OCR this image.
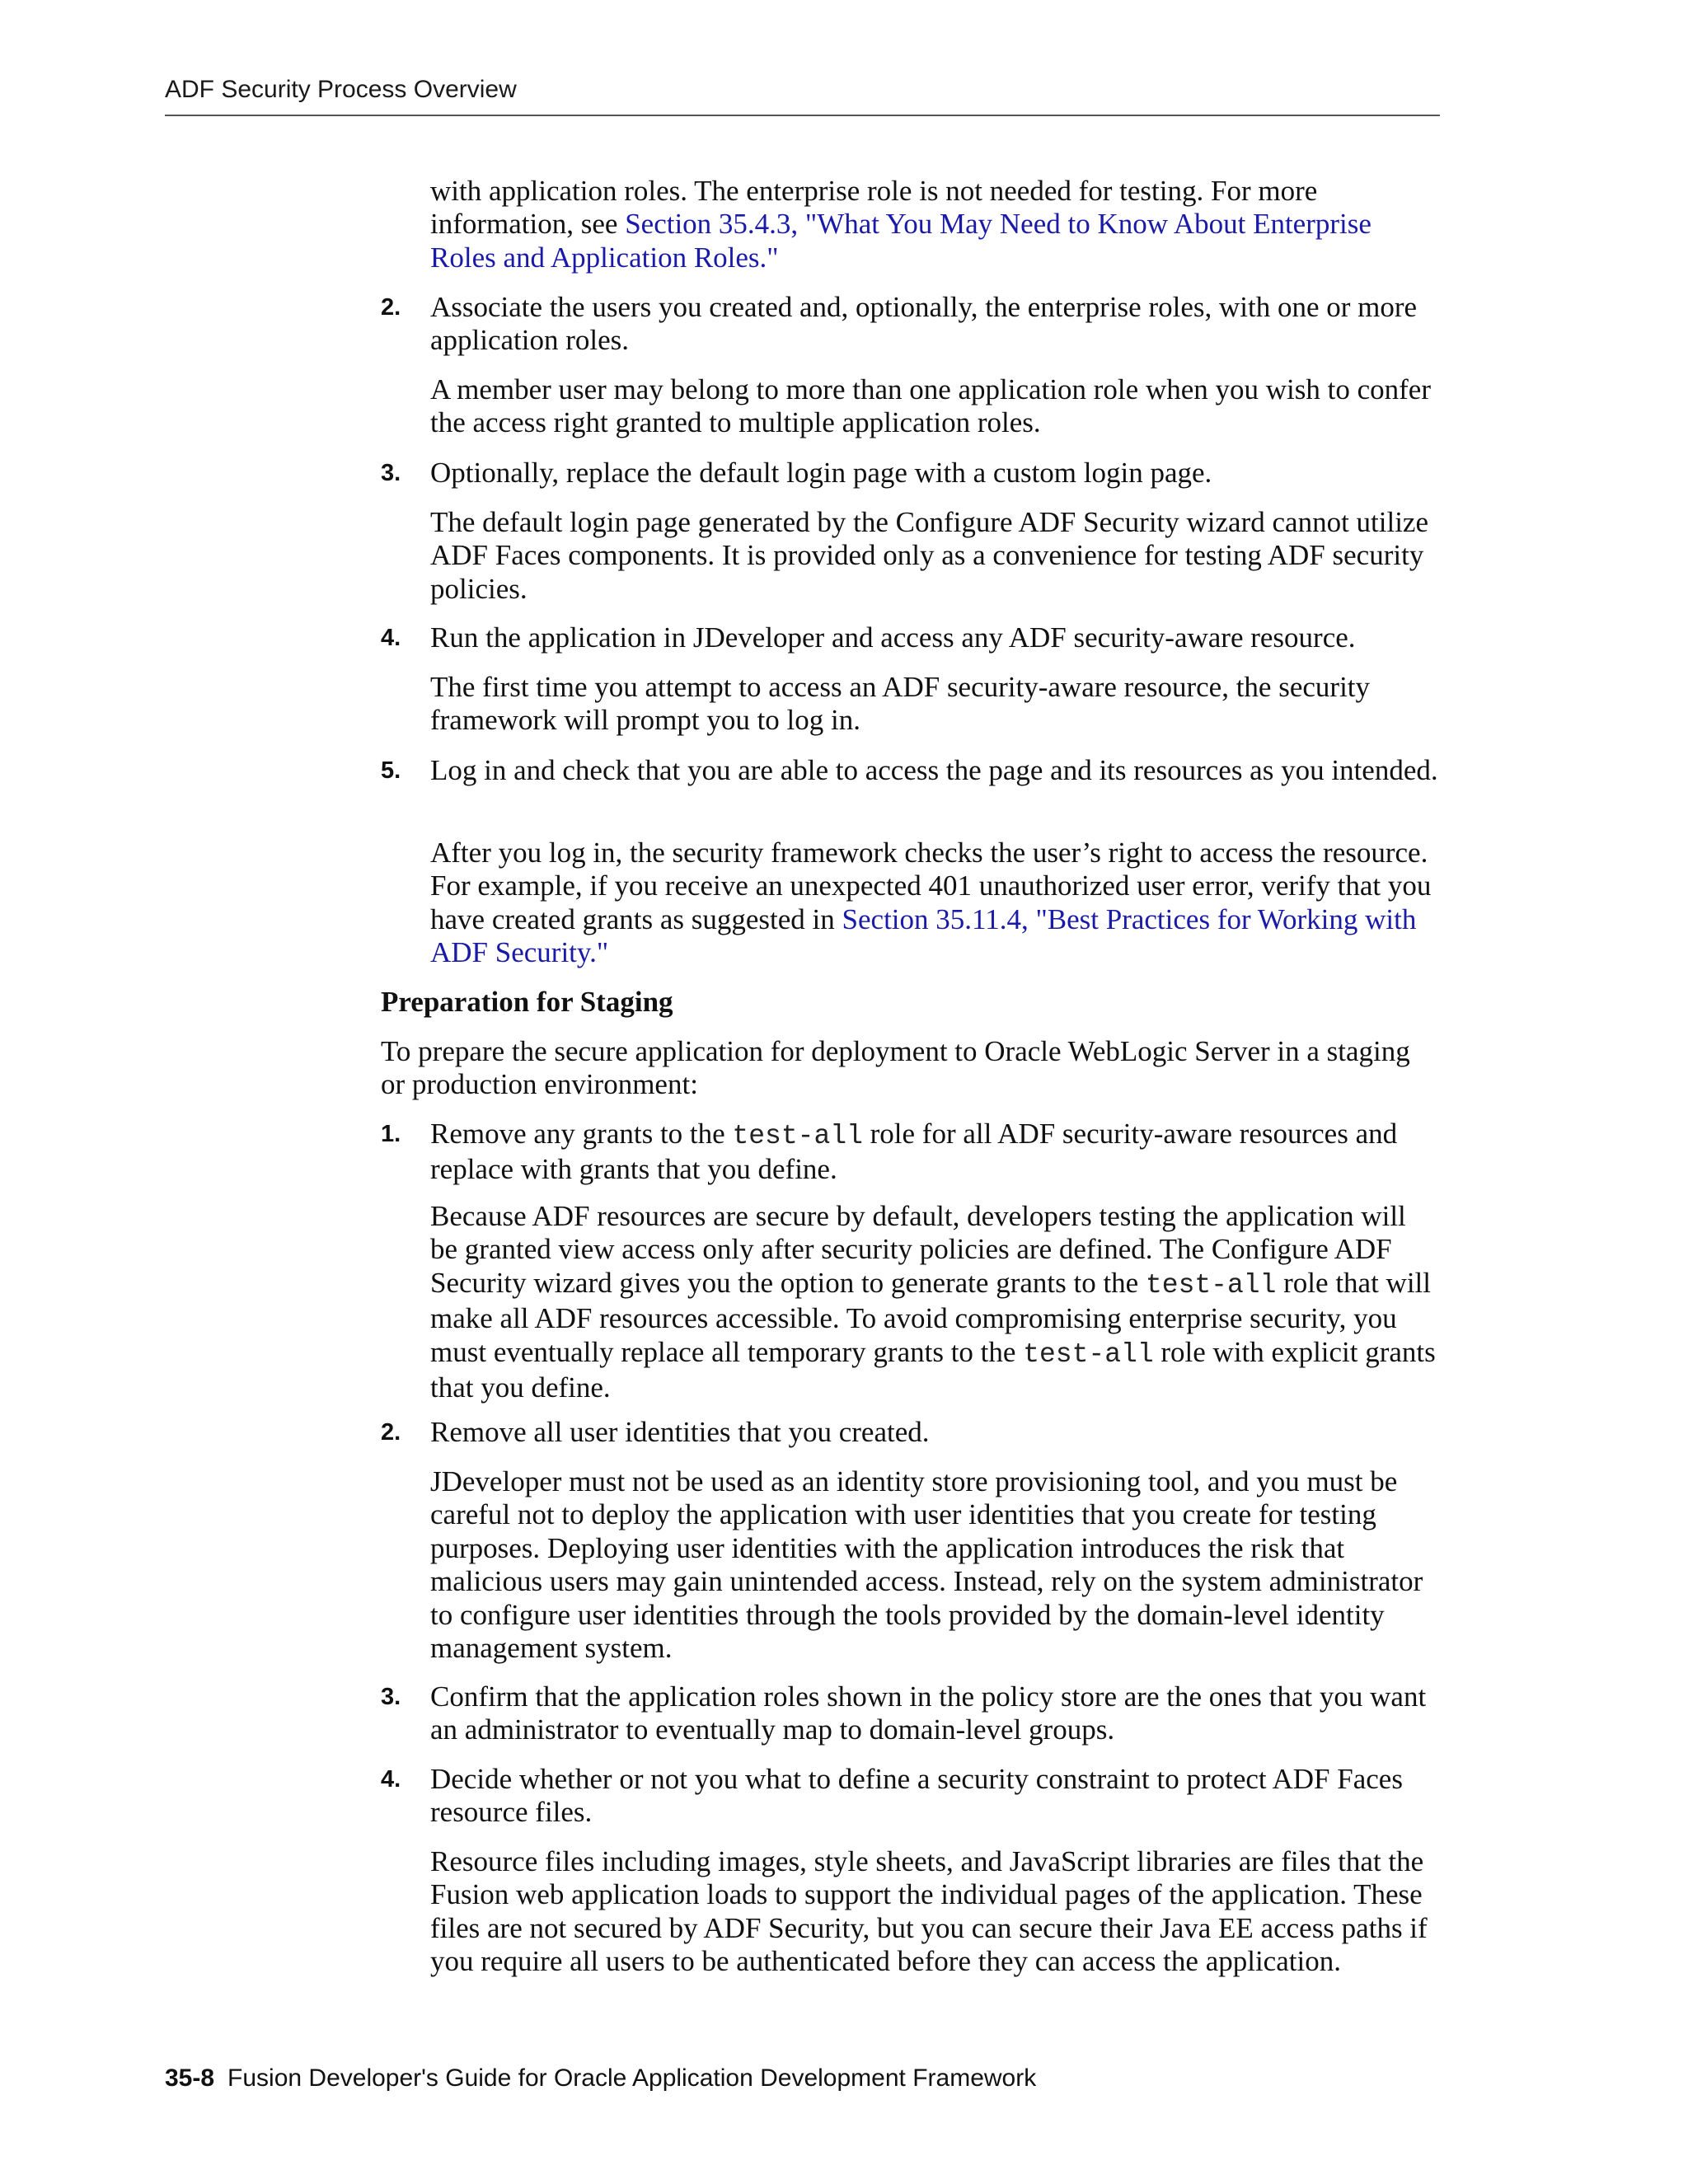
ADF Security Process Overview

with application roles. The enterprise role is not needed for testing. For more information, see Section 35.4.3, "What You May Need to Know About Enterprise Roles and Application Roles."

2. Associate the users you created and, optionally, the enterprise roles, with one or more application roles.

A member user may belong to more than one application role when you wish to confer the access right granted to multiple application roles.

3. Optionally, replace the default login page with a custom login page.

The default login page generated by the Configure ADF Security wizard cannot utilize ADF Faces components. It is provided only as a convenience for testing ADF security policies.

4. Run the application in JDeveloper and access any ADF security-aware resource.

The first time you attempt to access an ADF security-aware resource, the security framework will prompt you to log in.

5. Log in and check that you are able to access the page and its resources as you intended.

After you log in, the security framework checks the user’s right to access the resource. For example, if you receive an unexpected 401 unauthorized user error, verify that you have created grants as suggested in Section 35.11.4, "Best Practices for Working with ADF Security."

Preparation for Staging

To prepare the secure application for deployment to Oracle WebLogic Server in a staging or production environment:

1. Remove any grants to the test-all role for all ADF security-aware resources and replace with grants that you define.

Because ADF resources are secure by default, developers testing the application will be granted view access only after security policies are defined. The Configure ADF Security wizard gives you the option to generate grants to the test-all role that will make all ADF resources accessible. To avoid compromising enterprise security, you must eventually replace all temporary grants to the test-all role with explicit grants that you define.

2. Remove all user identities that you created.

JDeveloper must not be used as an identity store provisioning tool, and you must be careful not to deploy the application with user identities that you create for testing purposes. Deploying user identities with the application introduces the risk that malicious users may gain unintended access. Instead, rely on the system administrator to configure user identities through the tools provided by the domain-level identity management system.

3. Confirm that the application roles shown in the policy store are the ones that you want an administrator to eventually map to domain-level groups.

4. Decide whether or not you what to define a security constraint to protect ADF Faces resource files.

Resource files including images, style sheets, and JavaScript libraries are files that the Fusion web application loads to support the individual pages of the application. These files are not secured by ADF Security, but you can secure their Java EE access paths if you require all users to be authenticated before they can access the application.

35-8 Fusion Developer's Guide for Oracle Application Development Framework
